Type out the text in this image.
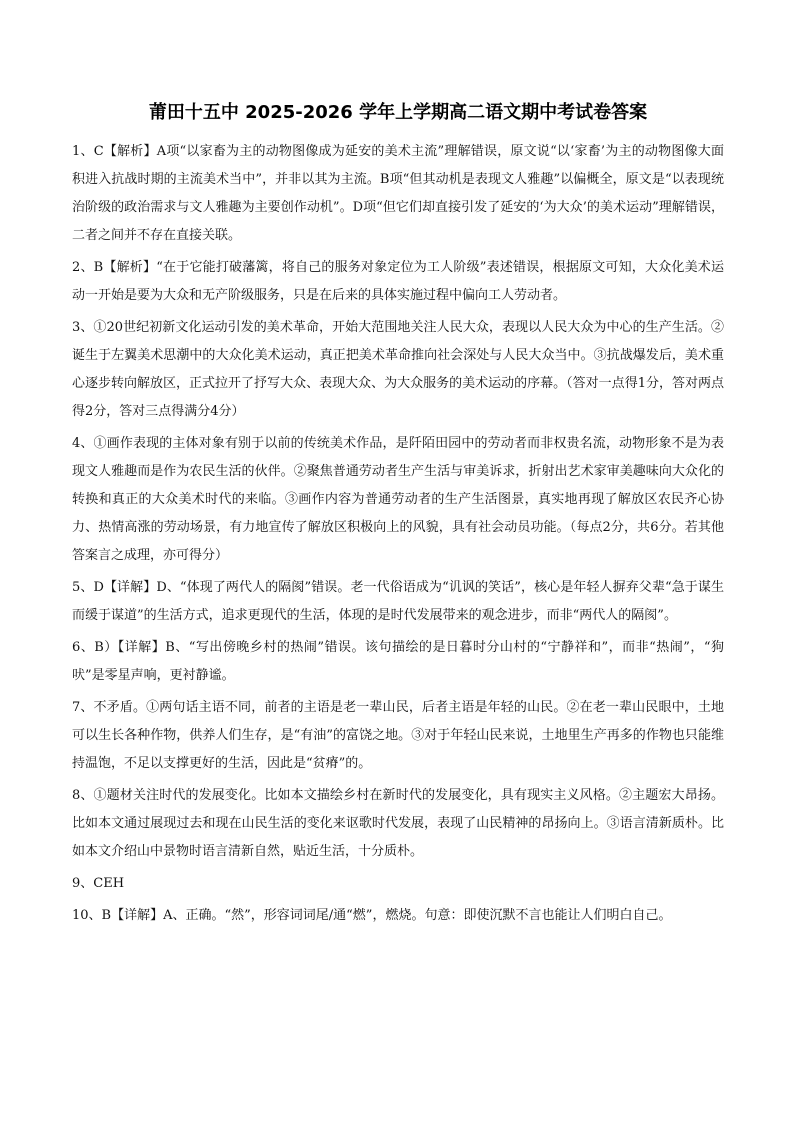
莆田十五中 2025-2026 学年上学期高二语文期中考试卷答案

1、C【解析】A项“以家畜为主的动物图像成为延安的美术主流”理解错误，原文说“以‘家畜’为主的动物图像大面积进入抗战时期的主流美术当中”，并非以其为主流。B项“但其动机是表现文人雅趣”以偏概全，原文是“以表现统治阶级的政治需求与文人雅趣为主要创作动机”。D项“但它们却直接引发了延安的‘为大众’的美术运动”理解错误，二者之间并不存在直接关联。

2、B【解析】“在于它能打破藩篱，将自己的服务对象定位为工人阶级”表述错误，根据原文可知，大众化美术运动一开始是要为大众和无产阶级服务，只是在后来的具体实施过程中偏向工人劳动者。

3、①20世纪初新文化运动引发的美术革命，开始大范围地关注人民大众，表现以人民大众为中心的生产生活。②诞生于左翼美术思潮中的大众化美术运动，真正把美术革命推向社会深处与人民大众当中。③抗战爆发后，美术重心逐步转向解放区，正式拉开了抒写大众、表现大众、为大众服务的美术运动的序幕。（答对一点得1分，答对两点得2分，答对三点得满分4分）

4、①画作表现的主体对象有别于以前的传统美术作品，是阡陌田园中的劳动者而非权贵名流，动物形象不是为表现文人雅趣而是作为农民生活的伙伴。②聚焦普通劳动者生产生活与审美诉求，折射出艺术家审美趣味向大众化的转换和真正的大众美术时代的来临。③画作内容为普通劳动者的生产生活图景，真实地再现了解放区农民齐心协力、热情高涨的劳动场景，有力地宣传了解放区积极向上的风貌，具有社会动员功能。（每点2分，共6分。若其他答案言之成理，亦可得分）

5、D【详解】D、“体现了两代人的隔阂”错误。老一代俗语成为“讥讽的笑话”，核心是年轻人摒弃父辈“急于谋生而缓于谋道”的生活方式，追求更现代的生活，体现的是时代发展带来的观念进步，而非“两代人的隔阂”。

6、B）【详解】B、“写出傍晚乡村的热闹”错误。该句描绘的是日暮时分山村的“宁静祥和”，而非“热闹”，“狗吠”是零星声响，更衬静谧。

7、不矛盾。①两句话主语不同，前者的主语是老一辈山民，后者主语是年轻的山民。②在老一辈山民眼中，土地可以生长各种作物，供养人们生存，是“有油”的富饶之地。③对于年轻山民来说，土地里生产再多的作物也只能维持温饱，不足以支撑更好的生活，因此是“贫瘠”的。

8、①题材关注时代的发展变化。比如本文描绘乡村在新时代的发展变化，具有现实主义风格。②主题宏大昂扬。比如本文通过展现过去和现在山民生活的变化来讴歌时代发展，表现了山民精神的昂扬向上。③语言清新质朴。比如本文介绍山中景物时语言清新自然，贴近生活，十分质朴。

9、CEH

10、B【详解】A、正确。“然”，形容词词尾/通“燃”，燃烧。句意：即使沉默不言也能让人们明白自己。
